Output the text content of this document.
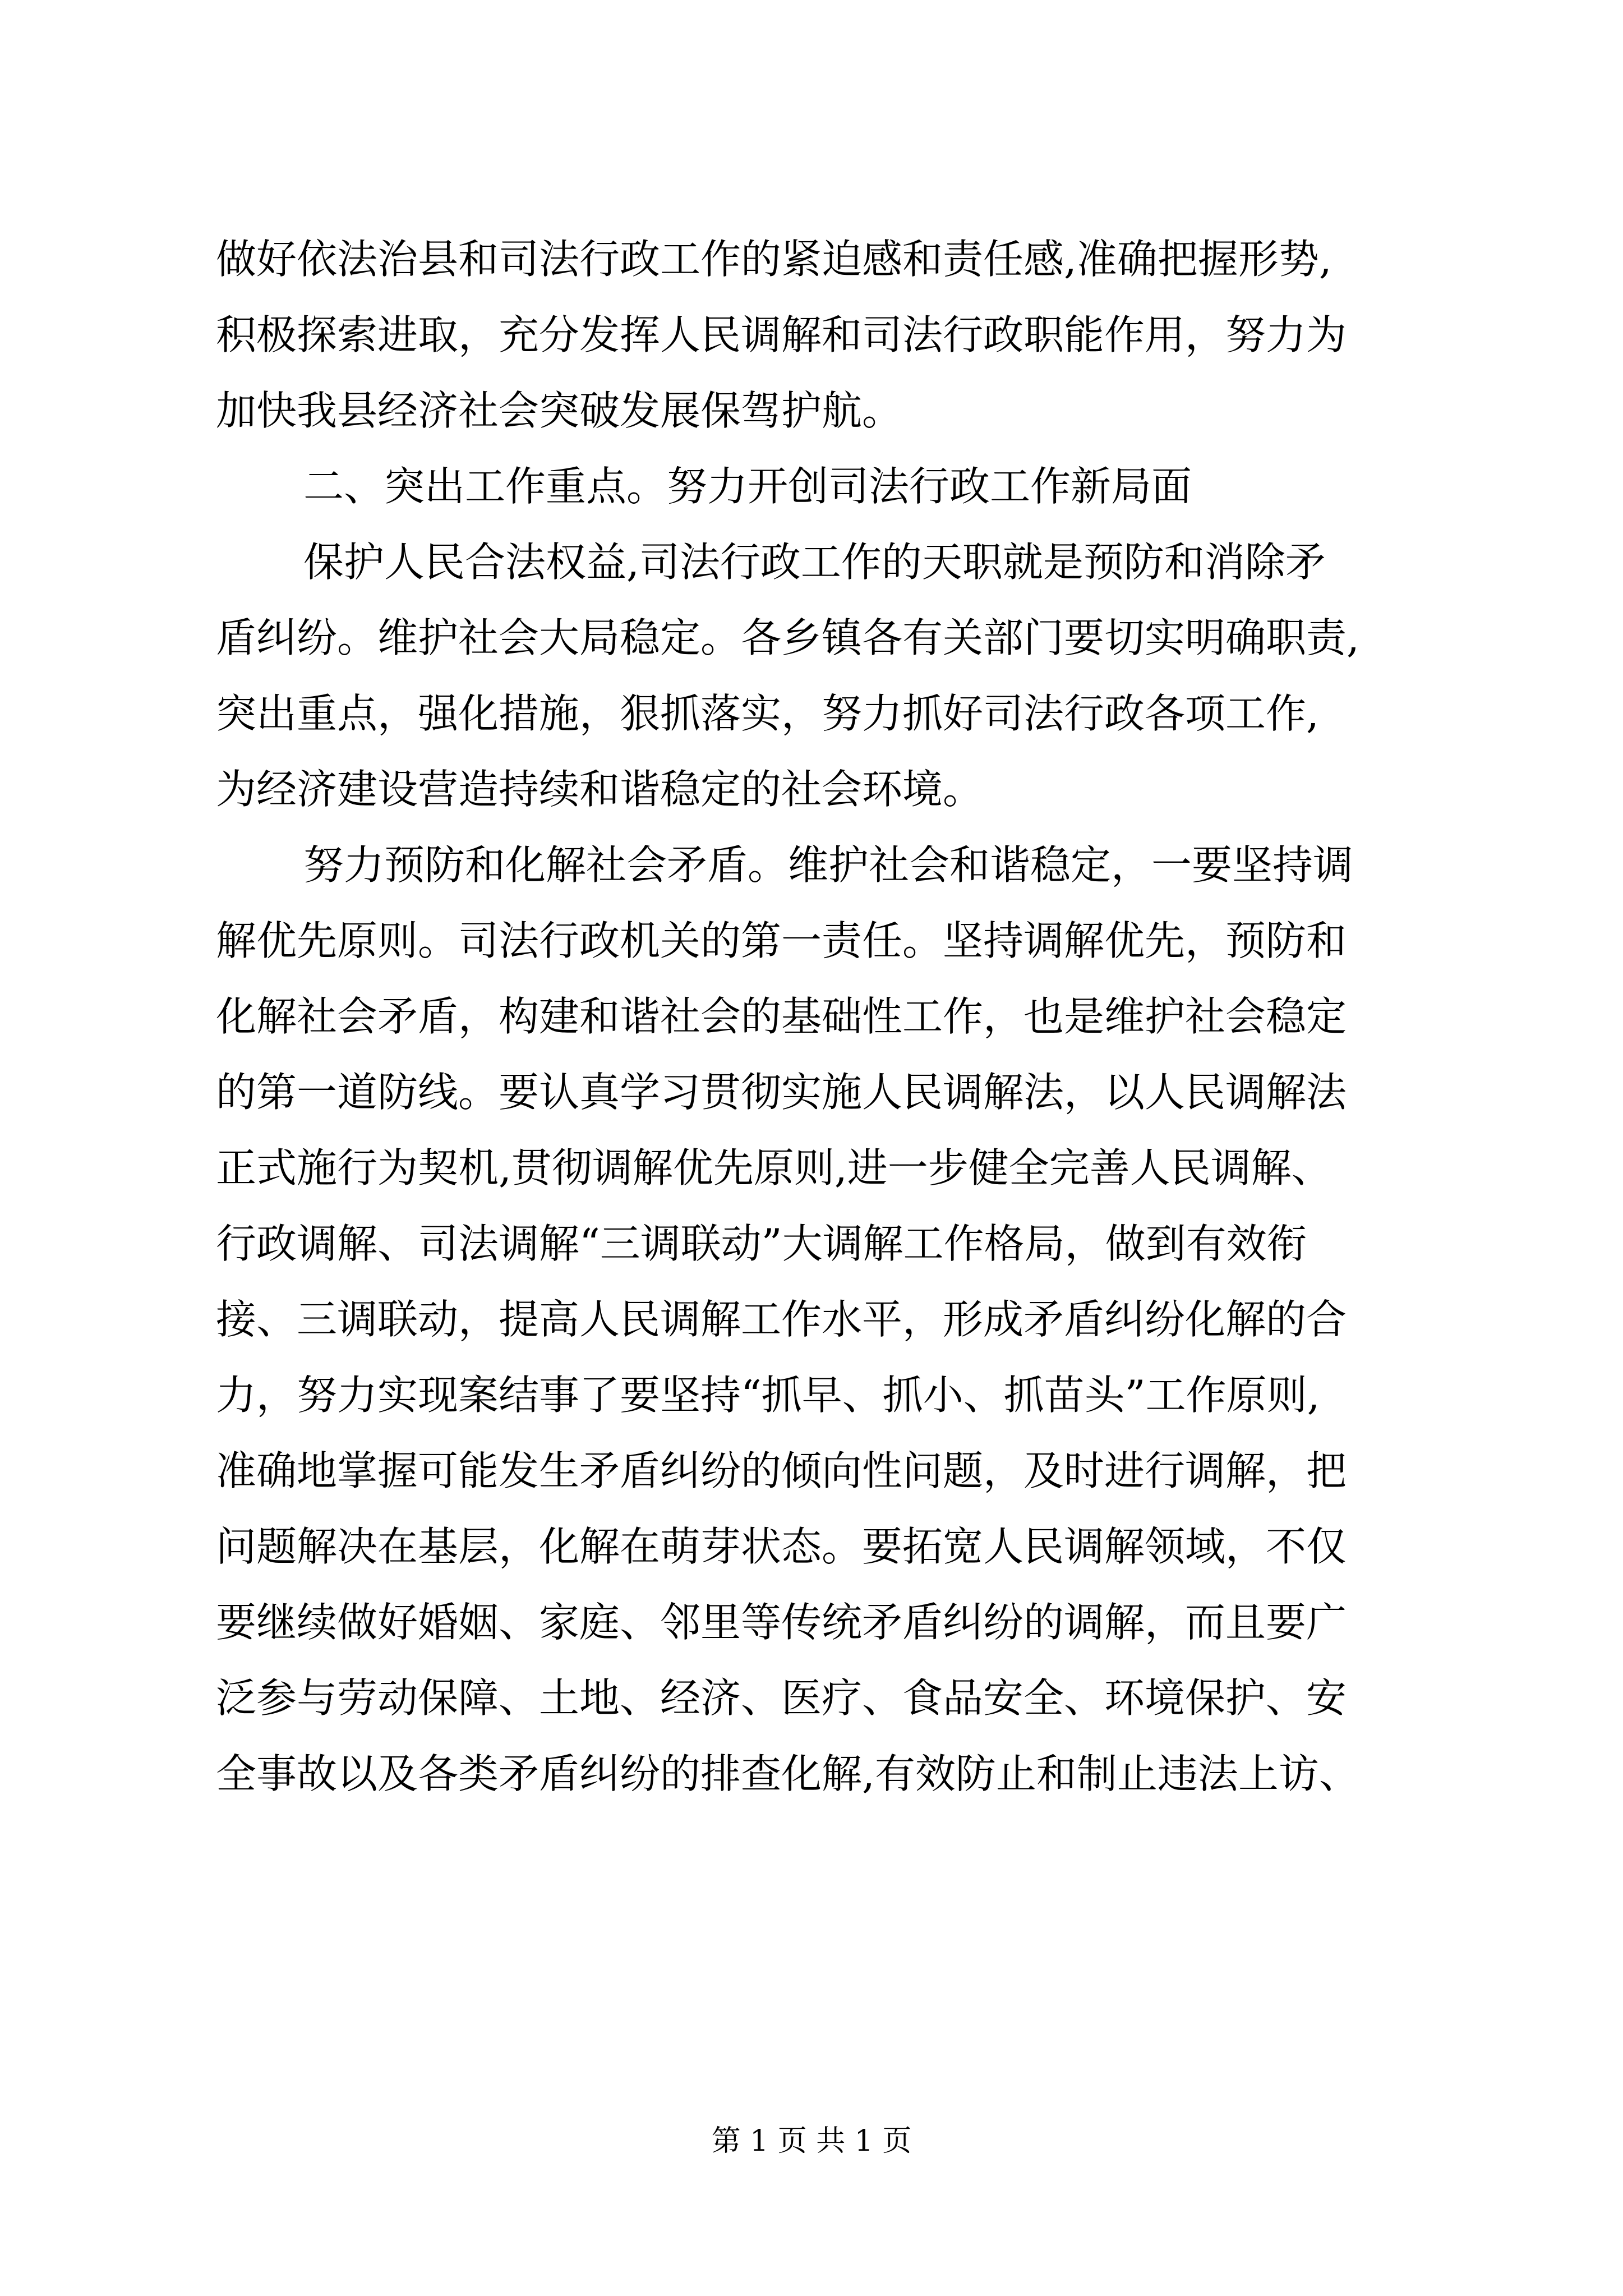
做好依法治县和司法行政工作的紧迫感和责任感,准确把握形势,
积极探索进取，充分发挥人民调解和司法行政职能作用，努力为
加快我县经济社会突破发展保驾护航。
二、突出工作重点。努力开创司法行政工作新局面
保护人民合法权益,司法行政工作的天职就是预防和消除矛
盾纠纷。维护社会大局稳定。各乡镇各有关部门要切实明确职责,
突出重点，强化措施，狠抓落实，努力抓好司法行政各项工作,
为经济建设营造持续和谐稳定的社会环境。
努力预防和化解社会矛盾。维护社会和谐稳定，一要坚持调
解优先原则。司法行政机关的第一责任。坚持调解优先，预防和
化解社会矛盾，构建和谐社会的基础性工作，也是维护社会稳定
的第一道防线。要认真学习贯彻实施人民调解法，以人民调解法
正式施行为契机,贯彻调解优先原则,进一步健全完善人民调解、
行政调解、司法调解“三调联动”大调解工作格局，做到有效衔
接、三调联动，提高人民调解工作水平，形成矛盾纠纷化解的合
力，努力实现案结事了要坚持“抓早、抓小、抓苗头”工作原则,
准确地掌握可能发生矛盾纠纷的倾向性问题，及时进行调解，把
问题解决在基层，化解在萌芽状态。要拓宽人民调解领域，不仅
要继续做好婚姻、家庭、邻里等传统矛盾纠纷的调解，而且要广
泛参与劳动保障、土地、经济、医疗、食品安全、环境保护、安
全事故以及各类矛盾纠纷的排查化解,有效防止和制止违法上访、
第 1 页 共 1 页
